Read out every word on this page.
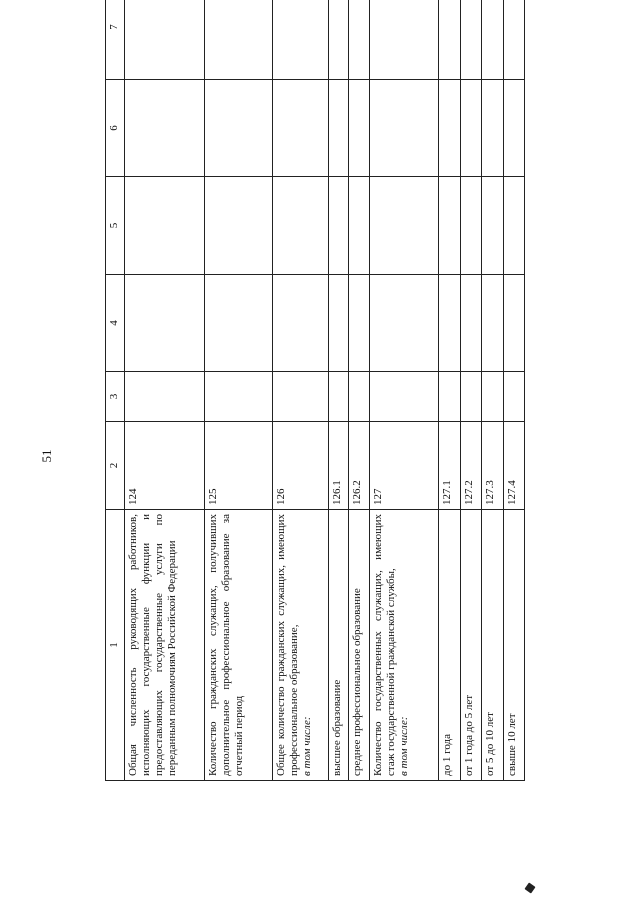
51
1	2	3	4	5	6	7
Общая численность руководящих работников, исполняющих государственные функции и предоставляющих государственные услуги по переданным полномочиям Российской Федерации	124					
Количество гражданских служащих, получивших дополнительное профессиональное образование за отчетный период	125					
Общее количество гражданских служащих, имеющих профессиональное образование,
в том числе:	126					
высшее образование	126.1					
среднее профессиональное образование	126.2					
Количество государственных служащих, имеющих стаж государственной гражданской службы,
в том числе:	127					
до 1 года	127.1					
от 1 года до 5 лет	127.2					
от 5 до 10 лет	127.3					
свыше 10 лет	127.4					
